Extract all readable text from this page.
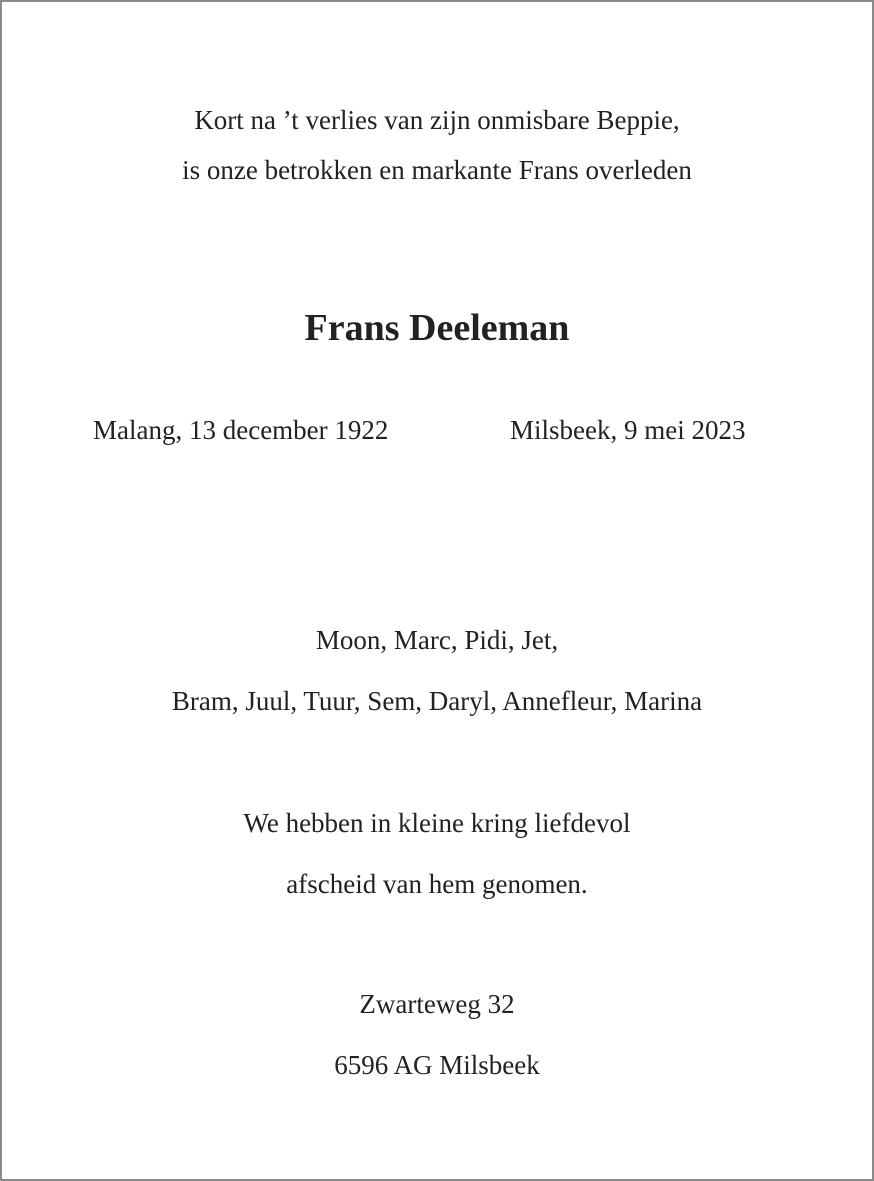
Kort na ’t verlies van zijn onmisbare Beppie,
is onze betrokken en markante Frans overleden
Frans Deeleman
Malang, 13 december 1922	Milsbeek, 9 mei 2023
Moon, Marc, Pidi, Jet,
Bram, Juul, Tuur, Sem, Daryl, Annefleur, Marina
We hebben in kleine kring liefdevol
afscheid van hem genomen.
Zwarteweg 32
6596 AG Milsbeek
